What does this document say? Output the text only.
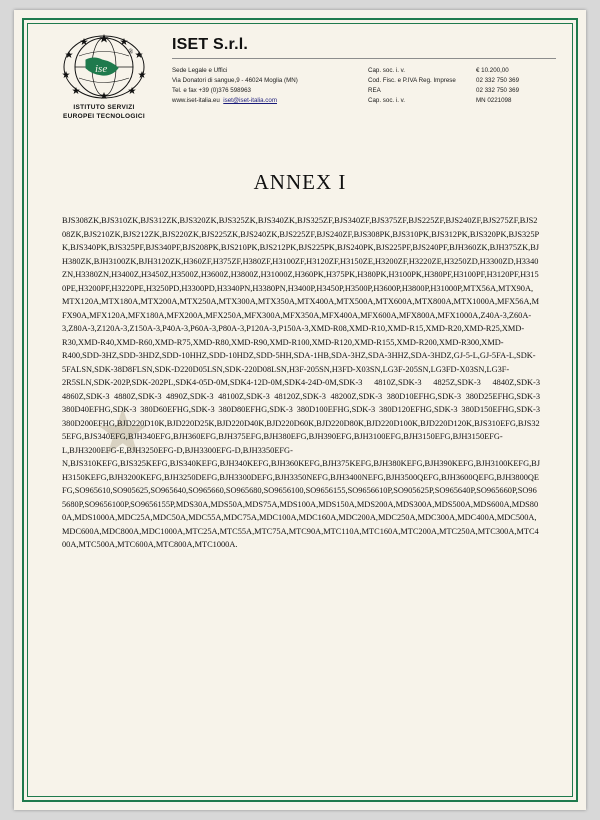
★
ise
®
ISTITUTO SERVIZI
EUROPEI TECNOLOGICI
ISET S.r.l.
Sede Legale e Uffici	Cap. soc. i. v.	€ 10.200,00
Via Donatori di sangue,9 - 46024 Moglia (MN)	Cod. Fisc. e P.IVA Reg. Imprese	02 332 750 369
Tel. e fax +39 (0)376 598963	REA	02 332 750 369
www.iset-italia.eu iset@iset-italia.com	Cap. soc. i. v.	MN 0221098
ANNEX I
BJS308ZK,BJS310ZK,BJS312ZK,BJS320ZK,BJS325ZK,BJS340ZK,BJS325ZF,BJS340ZF,BJS375ZF,BJS225ZF,BJS240ZF,BJS275ZF,BJS208ZK,BJS210ZK,BJS212ZK,BJS220ZK,BJS225ZK,BJS240ZK,BJS225ZF,BJS240ZF,BJS308PK,BJS310PK,BJS312PK,BJS320PK,BJS325PK,BJS340PK,BJS325PF,BJS340PF,BJS208PK,BJS210PK,BJS212PK,BJS225PK,BJS240PK,BJS225PF,BJS240PF,BJH360ZK,BJH375ZK,BJH380ZK,BJH3100ZK,BJH3120ZK,H360ZF,H375ZF,H380ZF,H3100ZF,H3120ZF,H3150ZE,H3200ZF,H3220ZE,H3250ZD,H3300ZD,H3340ZN,H3380ZN,H3400Z,H3450Z,H3500Z,H3600Z,H3800Z,H31000Z,H360PK,H375PK,H380PK,H3100PK,H380PF,H3100PF,H3120PF,H3150PE,H3200PF,H3220PE,H3250PD,H3300PD,H3340PN,H3380PN,H3400P,H3450P,H3500P,H3600P,H3800P,H31000P,MTX56A,MTX90A,MTX120A,MTX180A,MTX200A,MTX250A,MTX300A,MTX350A,MTX400A,MTX500A,MTX600A,MTX800A,MTX1000A,MFX56A,MFX90A,MFX120A,MFX180A,MFX200A,MFX250A,MFX300A,MFX350A,MFX400A,MFX600A,MFX800A,MFX1000A,Z40A-3,Z60A-3,Z80A-3,Z120A-3,Z150A-3,P40A-3,P60A-3,P80A-3,P120A-3,P150A-3,XMD-R08,XMD-R10,XMD-R15,XMD-R20,XMD-R25,XMD-R30,XMD-R40,XMD-R60,XMD-R75,XMD-R80,XMD-R90,XMD-R100,XMD-R120,XMD-R155,XMD-R200,XMD-R300,XMD-R400,SDD-3HZ,SDD-3HDZ,SDD-10HHZ,SDD-10HDZ,SDD-5HH,SDA-1HB,SDA-3HZ,SDA-3HHZ,SDA-3HDZ,GJ-5-L,GJ-5FA-L,SDK-5FALSN,SDK-38D8FLSN,SDK-D220D05LSN,SDK-220D08LSN,H3F-205SN,H3FD-X03SN,LG3F-205SN,LG3FD-X03SN,LG3F-2R5SLN,SDK-202P,SDK-202PL,SDK4-05D-0M,SDK4-12D-0M,SDK4-24D-0M,SDK-3 4810Z,SDK-3 4825Z,SDK-3 4840Z,SDK-3 4860Z,SDK-3 4880Z,SDK-3 4890Z,SDK-3 48100Z,SDK-3 48120Z,SDK-3 48200Z,SDK-3 380D10EFHG,SDK-3 380D25EFHG,SDK-3 380D40EFHG,SDK-3 380D60EFHG,SDK-3 380D80EFHG,SDK-3 380D100EFHG,SDK-3 380D120EFHG,SDK-3 380D150EFHG,SDK-3 380D200EFHG,BJD220D10K,BJD220D25K,BJD220D40K,BJD220D60K,BJD220D80K,BJD220D100K,BJD220D120K,BJS310EFG,BJS325EFG,BJS340EFG,BJH340EFG,BJH360EFG,BJH375EFG,BJH380EFG,BJH390EFG,BJH3100EFG,BJH3150EFG,BJH3150EFG-L,BJH3200EFG-E,BJH3250EFG-D,BJH3300EFG-D,BJH3350EFG-N,BJS310KEFG,BJS325KEFG,BJS340KEFG,BJH340KEFG,BJH360KEFG,BJH375KEFG,BJH380KEFG,BJH390KEFG,BJH3100KEFG,BJH3150KEFG,BJH3200KEFG,BJH3250DEFG,BJH3300DEFG,BJH3350NEFG,BJH3400NEFG,BJH3500QEFG,BJH3600QEFG,BJH3800QEFG,SO965610,SO905625,SO965640,SO965660,SO965680,SO9656100,SO9656155,SO9656610P,SO905625P,SO965640P,SO965660P,SO965680P,SO9656100P,SO9656155P,MDS30A,MDS50A,MDS75A,MDS100A,MDS150A,MDS200A,MDS300A,MDS500A,MDS600A,MDS800A,MDS1000A,MDC25A,MDC50A,MDC55A,MDC75A,MDC100A,MDC160A,MDC200A,MDC250A,MDC300A,MDC400A,MDC500A,MDC600A,MDC800A,MDC1000A,MTC25A,MTC55A,MTC75A,MTC90A,MTC110A,MTC160A,MTC200A,MTC250A,MTC300A,MTC400A,MTC500A,MTC600A,MTC800A,MTC1000A.
